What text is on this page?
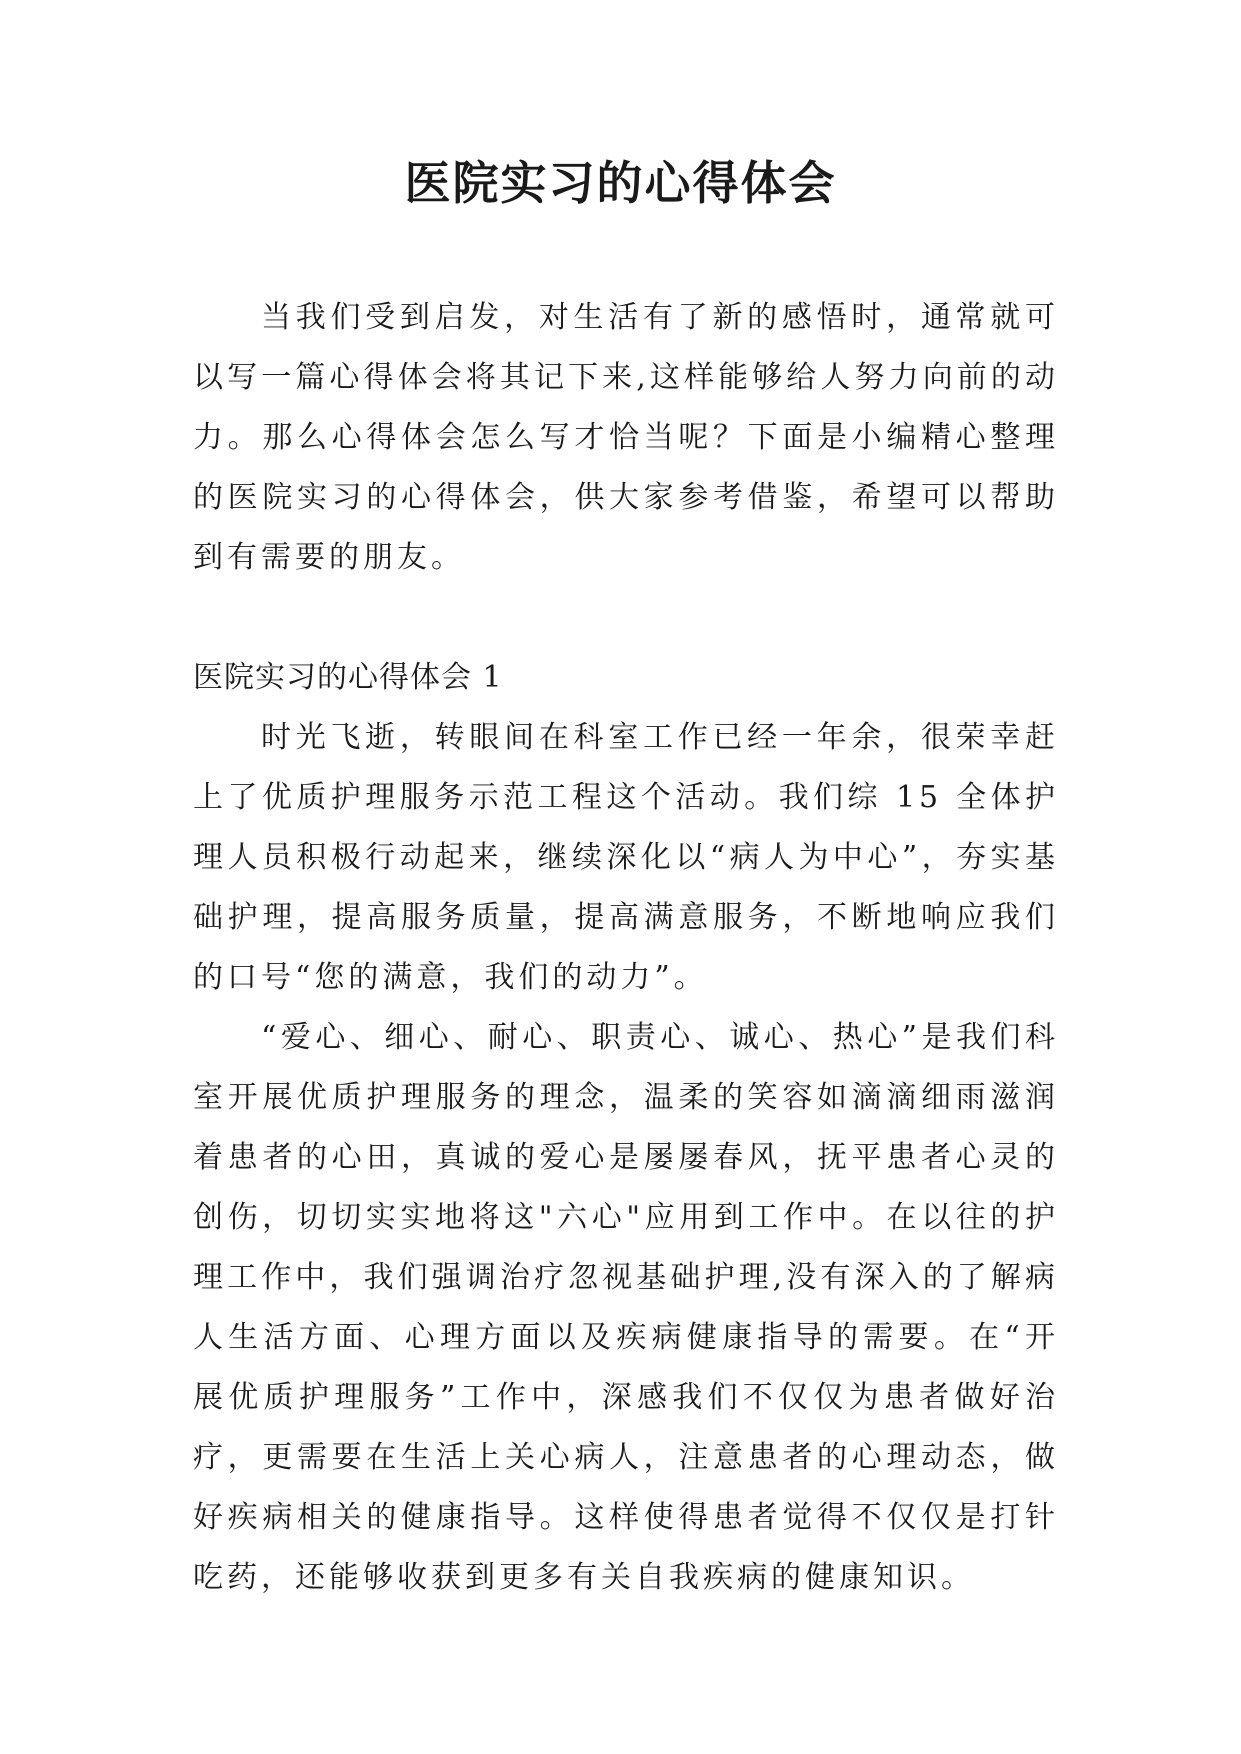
医院实习的心得体会

当我们受到启发，对生活有了新的感悟时，通常就可以写一篇心得体会将其记下来,这样能够给人努力向前的动力。那么心得体会怎么写才恰当呢？下面是小编精心整理的医院实习的心得体会，供大家参考借鉴，希望可以帮助到有需要的朋友。

医院实习的心得体会 1

时光飞逝，转眼间在科室工作已经一年余，很荣幸赶上了优质护理服务示范工程这个活动。我们综 15 全体护理人员积极行动起来，继续深化以“病人为中心”，夯实基础护理，提高服务质量，提高满意服务，不断地响应我们的口号“您的满意，我们的动力”。

“爱心、细心、耐心、职责心、诚心、热心”是我们科室开展优质护理服务的理念，温柔的笑容如滴滴细雨滋润着患者的心田，真诚的爱心是屡屡春风，抚平患者心灵的创伤，切切实实地将这"六心"应用到工作中。在以往的护理工作中，我们强调治疗忽视基础护理,没有深入的了解病人生活方面、心理方面以及疾病健康指导的需要。在“开展优质护理服务”工作中，深感我们不仅仅为患者做好治疗，更需要在生活上关心病人，注意患者的心理动态，做好疾病相关的健康指导。这样使得患者觉得不仅仅是打针吃药，还能够收获到更多有关自我疾病的健康知识。
